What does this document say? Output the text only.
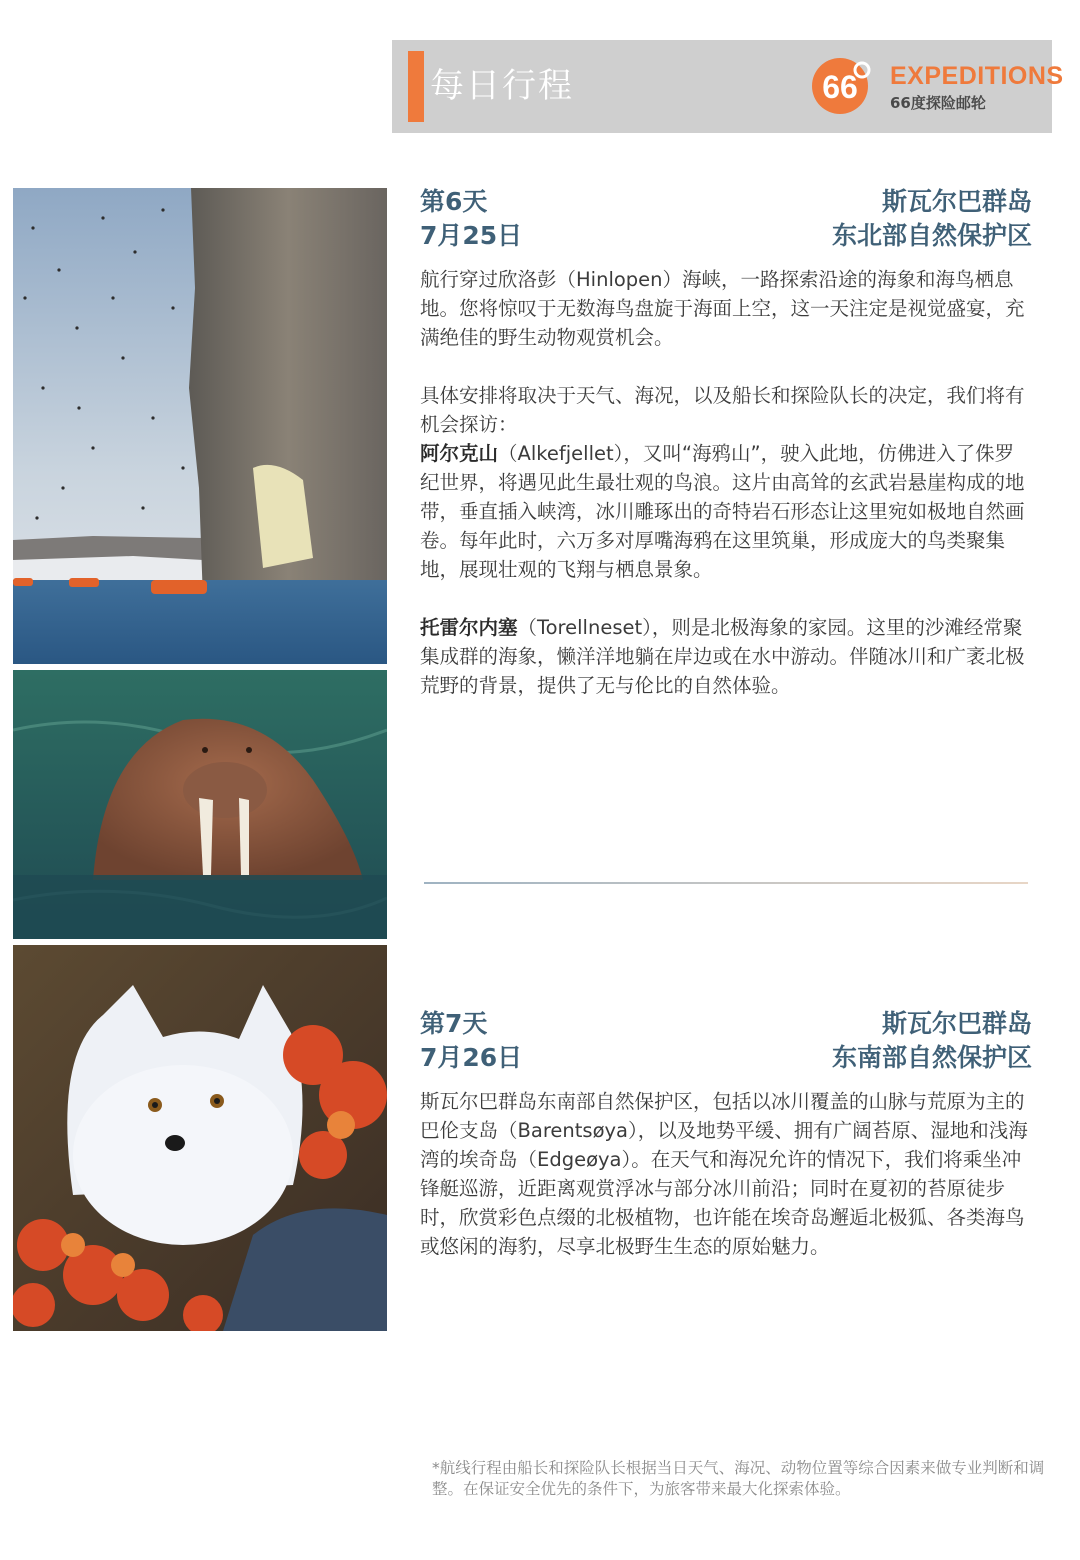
每日行程	66 EXPEDITIONS
66度探险邮轮
第6天
7月25日
斯瓦尔巴群岛
东北部自然保护区

航行穿过欣洛彭（Hinlopen）海峡，一路探索沿途的海象和海鸟栖息地。您将惊叹于无数海鸟盘旋于海面上空，这一天注定是视觉盛宴，充满绝佳的野生动物观赏机会。

具体安排将取决于天气、海况，以及船长和探险队长的决定，我们将有机会探访：

阿尔克山（Alkefjellet），又叫“海鸦山”，驶入此地，仿佛进入了侏罗纪世界，将遇见此生最壮观的鸟浪。这片由高耸的玄武岩悬崖构成的地带，垂直插入峡湾，冰川雕琢出的奇特岩石形态让这里宛如极地自然画卷。每年此时，六万多对厚嘴海鸦在这里筑巢，形成庞大的鸟类聚集地，展现壮观的飞翔与栖息景象。

托雷尔内塞（Torellneset），则是北极海象的家园。这里的沙滩经常聚集成群的海象，懒洋洋地躺在岸边或在水中游动。伴随冰川和广袤北极荒野的背景，提供了无与伦比的自然体验。

第7天
7月26日
斯瓦尔巴群岛
东南部自然保护区

斯瓦尔巴群岛东南部自然保护区，包括以冰川覆盖的山脉与荒原为主的巴伦支岛（Barentsøya），以及地势平缓、拥有广阔苔原、湿地和浅海湾的埃奇岛（Edgeøya）。在天气和海况允许的情况下，我们将乘坐冲锋艇巡游，近距离观赏浮冰与部分冰川前沿；同时在夏初的苔原徒步时，欣赏彩色点缀的北极植物，也许能在埃奇岛邂逅北极狐、各类海鸟或悠闲的海豹，尽享北极野生生态的原始魅力。

*航线行程由船长和探险队长根据当日天气、海况、动物位置等综合因素来做专业判断和调整。在保证安全优先的条件下，为旅客带来最大化探索体验。
